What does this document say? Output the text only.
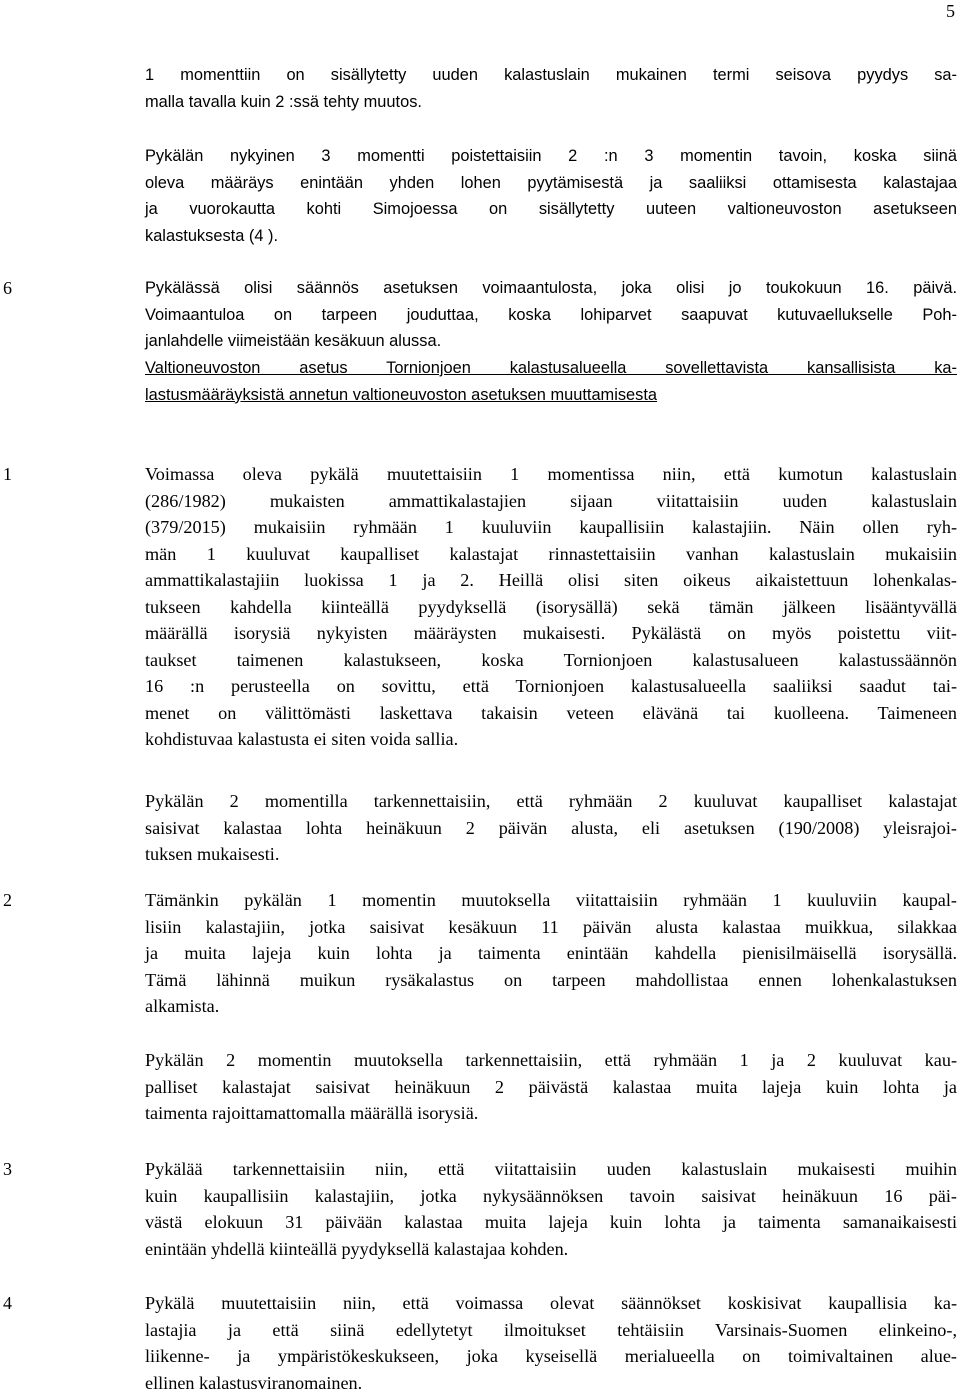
5
1 momenttiin on sisällytetty uuden kalastuslain mukainen termi seisova pyydys sa-
malla tavalla kuin 2 :ssä tehty muutos.
Pykälän nykyinen 3 momentti poistettaisiin 2 :n 3 momentin tavoin, koska siinä
oleva määräys enintään yhden lohen pyytämisestä ja saaliiksi ottamisesta kalastajaa
ja vuorokautta kohti Simojoessa on sisällytetty uuteen valtioneuvoston asetukseen
kalastuksesta (4 ).
6	Pykälässä olisi säännös asetuksen voimaantulosta, joka olisi jo toukokuun 16. päivä.
Voimaantuloa on tarpeen jouduttaa, koska lohiparvet saapuvat kutuvaellukselle Poh-
janlahdelle viimeistään kesäkuun alussa.
Valtioneuvoston asetus Tornionjoen kalastusalueella sovellettavista kansallisista ka-
lastusmääräyksistä annetun valtioneuvoston asetuksen muuttamisesta
1	Voimassa oleva pykälä muutettaisiin 1 momentissa niin, että kumotun kalastuslain
(286/1982) mukaisten ammattikalastajien sijaan viitattaisiin uuden kalastuslain
(379/2015) mukaisiin ryhmään 1 kuuluviin kaupallisiin kalastajiin. Näin ollen ryh-
män 1 kuuluvat kaupalliset kalastajat rinnastettaisiin vanhan kalastuslain mukaisiin
ammattikalastajiin luokissa 1 ja 2. Heillä olisi siten oikeus aikaistettuun lohenkalas-
tukseen kahdella kiinteällä pyydyksellä (isorysällä) sekä tämän jälkeen lisääntyvällä
määrällä isorysiä nykyisten määräysten mukaisesti. Pykälästä on myös poistettu viit-
taukset taimenen kalastukseen, koska Tornionjoen kalastusalueen kalastussäännön
16 :n perusteella on sovittu, että Tornionjoen kalastusalueella saaliiksi saadut tai-
menet on välittömästi laskettava takaisin veteen elävänä tai kuolleena. Taimeneen
kohdistuvaa kalastusta ei siten voida sallia.
Pykälän 2 momentilla tarkennettaisiin, että ryhmään 2 kuuluvat kaupalliset kalastajat
saisivat kalastaa lohta heinäkuun 2 päivän alusta, eli asetuksen (190/2008) yleisrajoi-
tuksen mukaisesti.
2	Tämänkin pykälän 1 momentin muutoksella viitattaisiin ryhmään 1 kuuluviin kaupal-
lisiin kalastajiin, jotka saisivat kesäkuun 11 päivän alusta kalastaa muikkua, silakkaa
ja muita lajeja kuin lohta ja taimenta enintään kahdella pienisilmäisellä isorysällä.
Tämä lähinnä muikun rysäkalastus on tarpeen mahdollistaa ennen lohenkalastuksen
alkamista.
Pykälän 2 momentin muutoksella tarkennettaisiin, että ryhmään 1 ja 2 kuuluvat kau-
palliset kalastajat saisivat heinäkuun 2 päivästä kalastaa muita lajeja kuin lohta ja
taimenta rajoittamattomalla määrällä isorysiä.
3	Pykälää tarkennettaisiin niin, että viitattaisiin uuden kalastuslain mukaisesti muihin
kuin kaupallisiin kalastajiin, jotka nykysäännöksen tavoin saisivat heinäkuun 16 päi-
västä elokuun 31 päivään kalastaa muita lajeja kuin lohta ja taimenta samanaikaisesti
enintään yhdellä kiinteällä pyydyksellä kalastajaa kohden.
4	Pykälä muutettaisiin niin, että voimassa olevat säännökset koskisivat kaupallisia ka-
lastajia ja että siinä edellytetyt ilmoitukset tehtäisiin Varsinais-Suomen elinkeino-,
liikenne- ja ympäristökeskukseen, joka kyseisellä merialueella on toimivaltainen alue-
ellinen kalastusviranomainen.
